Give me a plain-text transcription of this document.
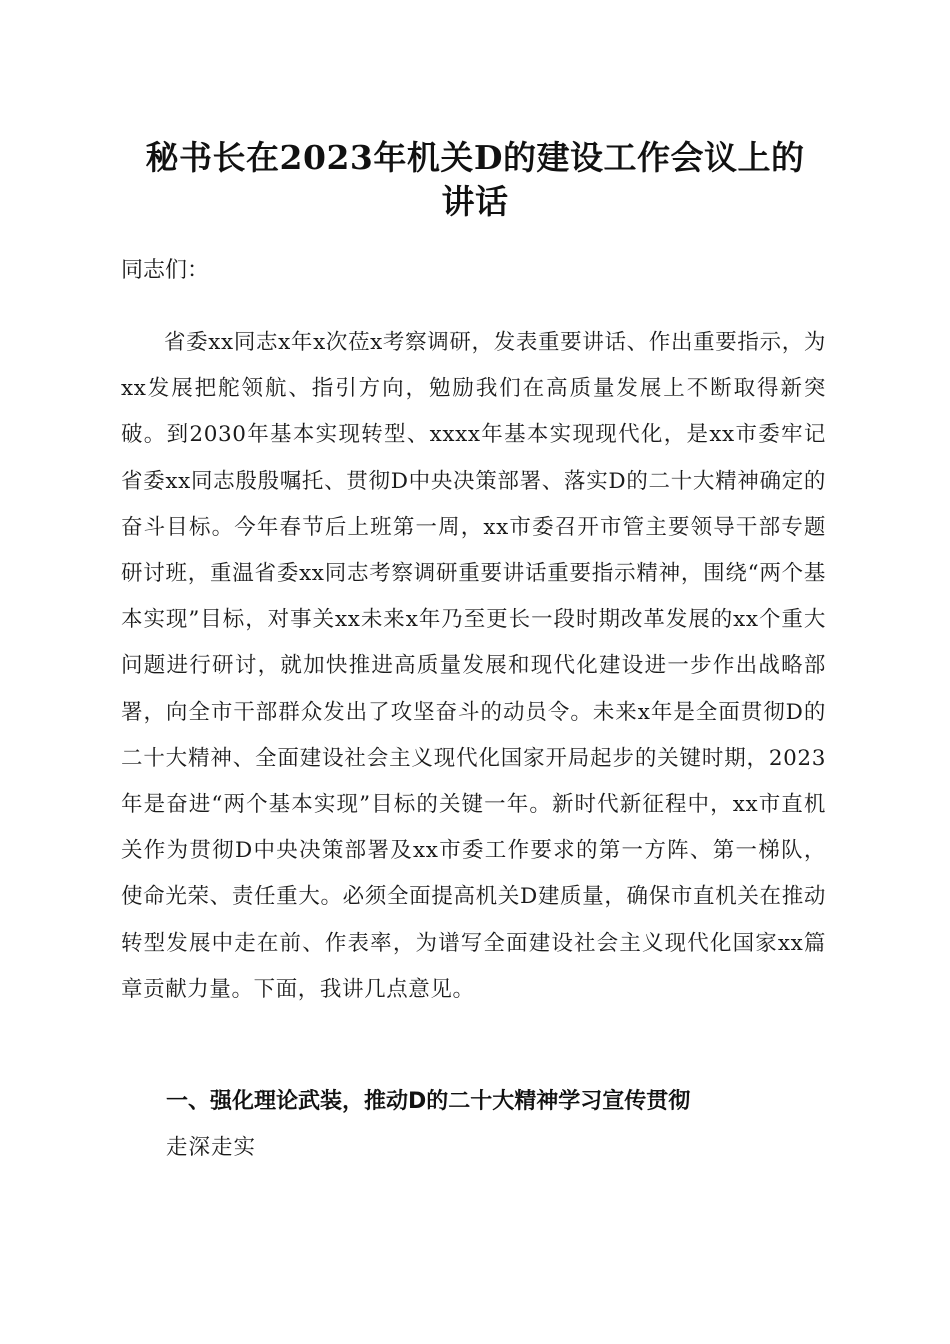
秘书长在2023年机关D的建设工作会议上的
讲话
同志们：

省委xx同志x年x次莅x考察调研，发表重要讲话、作出重要指示，为xx发展把舵领航、指引方向，勉励我们在高质量发展上不断取得新突破。到2030年基本实现转型、xxxx年基本实现现代化，是xx市委牢记省委xx同志殷殷嘱托、贯彻D中央决策部署、落实D的二十大精神确定的奋斗目标。今年春节后上班第一周，xx市委召开市管主要领导干部专题研讨班，重温省委xx同志考察调研重要讲话重要指示精神，围绕“两个基本实现”目标，对事关xx未来x年乃至更长一段时期改革发展的xx个重大问题进行研讨，就加快推进高质量发展和现代化建设进一步作出战略部署，向全市干部群众发出了攻坚奋斗的动员令。未来x年是全面贯彻D的二十大精神、全面建设社会主义现代化国家开局起步的关键时期，2023年是奋进“两个基本实现”目标的关键一年。新时代新征程中，xx市直机关作为贯彻D中央决策部署及xx市委工作要求的第一方阵、第一梯队，使命光荣、责任重大。必须全面提高机关D建质量，确保市直机关在推动转型发展中走在前、作表率，为谱写全面建设社会主义现代化国家xx篇章贡献力量。下面，我讲几点意见。

一、强化理论武装，推动D的二十大精神学习宣传贯彻
走深走实
